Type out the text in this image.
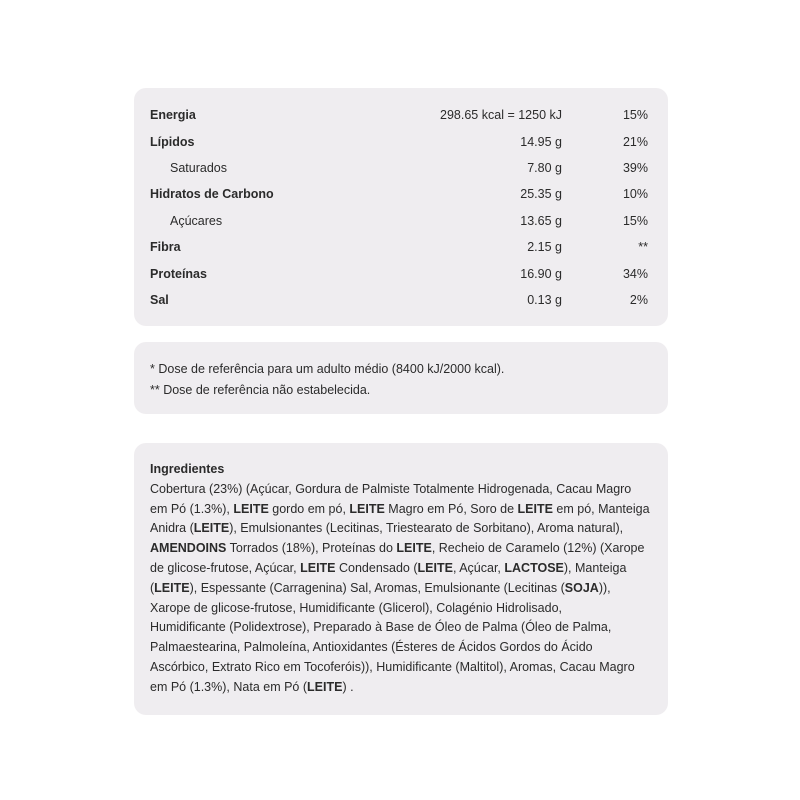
Energia	298.65 kcal = 1250 kJ	15%
Lípidos	14.95 g	21%
Saturados	7.80 g	39%
Hidratos de Carbono	25.35 g	10%
Açúcares	13.65 g	15%
Fibra	2.15 g	**
Proteínas	16.90 g	34%
Sal	0.13 g	2%
* Dose de referência para um adulto médio (8400 kJ/2000 kcal).
** Dose de referência não estabelecida.
Ingredientes
Cobertura (23%) (Açúcar, Gordura de Palmiste Totalmente Hidrogenada, Cacau Magro
em Pó (1.3%), LEITE gordo em pó, LEITE Magro em Pó, Soro de LEITE em pó, Manteiga
Anidra (LEITE), Emulsionantes (Lecitinas, Triestearato de Sorbitano), Aroma natural),
AMENDOINS Torrados (18%), Proteínas do LEITE, Recheio de Caramelo (12%) (Xarope
de glicose-frutose, Açúcar, LEITE Condensado (LEITE, Açúcar, LACTOSE), Manteiga
(LEITE), Espessante (Carragenina) Sal, Aromas, Emulsionante (Lecitinas (SOJA)),
Xarope de glicose-frutose, Humidificante (Glicerol), Colagénio Hidrolisado,
Humidificante (Polidextrose), Preparado à Base de Óleo de Palma (Óleo de Palma,
Palmaestearina, Palmoleína, Antioxidantes (Ésteres de Ácidos Gordos do Ácido
Ascórbico, Extrato Rico em Tocoferóis)), Humidificante (Maltitol), Aromas, Cacau Magro
em Pó (1.3%), Nata em Pó (LEITE) .
